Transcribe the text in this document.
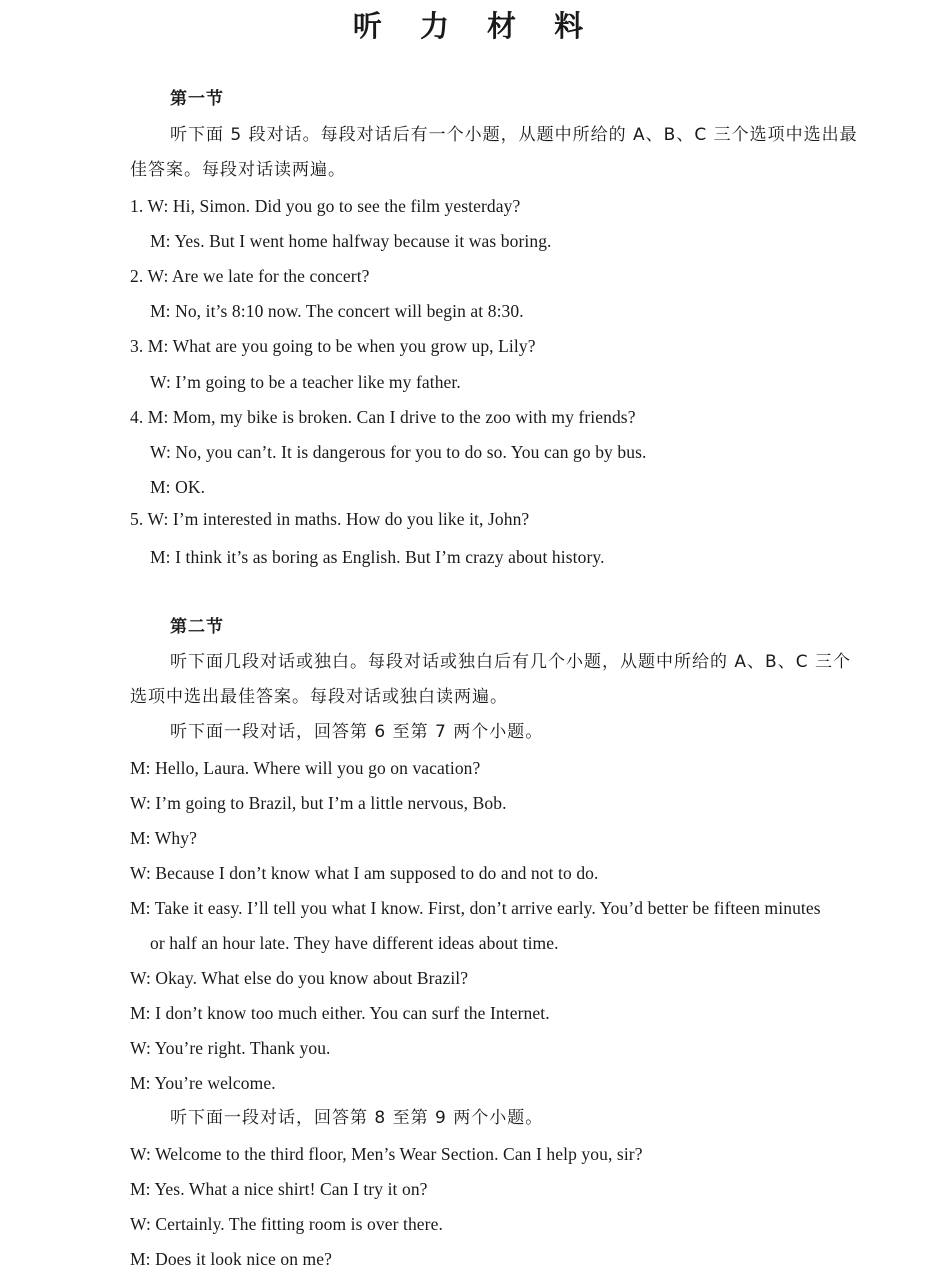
听 力 材 料
第一节
听下面 5 段对话。每段对话后有一个小题，从题中所给的 A、B、C 三个选项中选出最
佳答案。每段对话读两遍。
1. W: Hi, Simon. Did you go to see the film yesterday?
M: Yes. But I went home halfway because it was boring.
2. W: Are we late for the concert?
M: No, it’s 8:10 now. The concert will begin at 8:30.
3. M: What are you going to be when you grow up, Lily?
W: I’m going to be a teacher like my father.
4. M: Mom, my bike is broken. Can I drive to the zoo with my friends?
W: No, you can’t. It is dangerous for you to do so. You can go by bus.
M: OK.
5. W: I’m interested in maths. How do you like it, John?
M: I think it’s as boring as English. But I’m crazy about history.
第二节
听下面几段对话或独白。每段对话或独白后有几个小题，从题中所给的 A、B、C 三个
选项中选出最佳答案。每段对话或独白读两遍。
听下面一段对话，回答第 6 至第 7 两个小题。
M: Hello, Laura. Where will you go on vacation?
W: I’m going to Brazil, but I’m a little nervous, Bob.
M: Why?
W: Because I don’t know what I am supposed to do and not to do.
M: Take it easy. I’ll tell you what I know. First, don’t arrive early. You’d better be fifteen minutes
or half an hour late. They have different ideas about time.
W: Okay. What else do you know about Brazil?
M: I don’t know too much either. You can surf the Internet.
W: You’re right. Thank you.
M: You’re welcome.
听下面一段对话，回答第 8 至第 9 两个小题。
W: Welcome to the third floor, Men’s Wear Section. Can I help you, sir?
M: Yes. What a nice shirt! Can I try it on?
W: Certainly. The fitting room is over there.
M: Does it look nice on me?
